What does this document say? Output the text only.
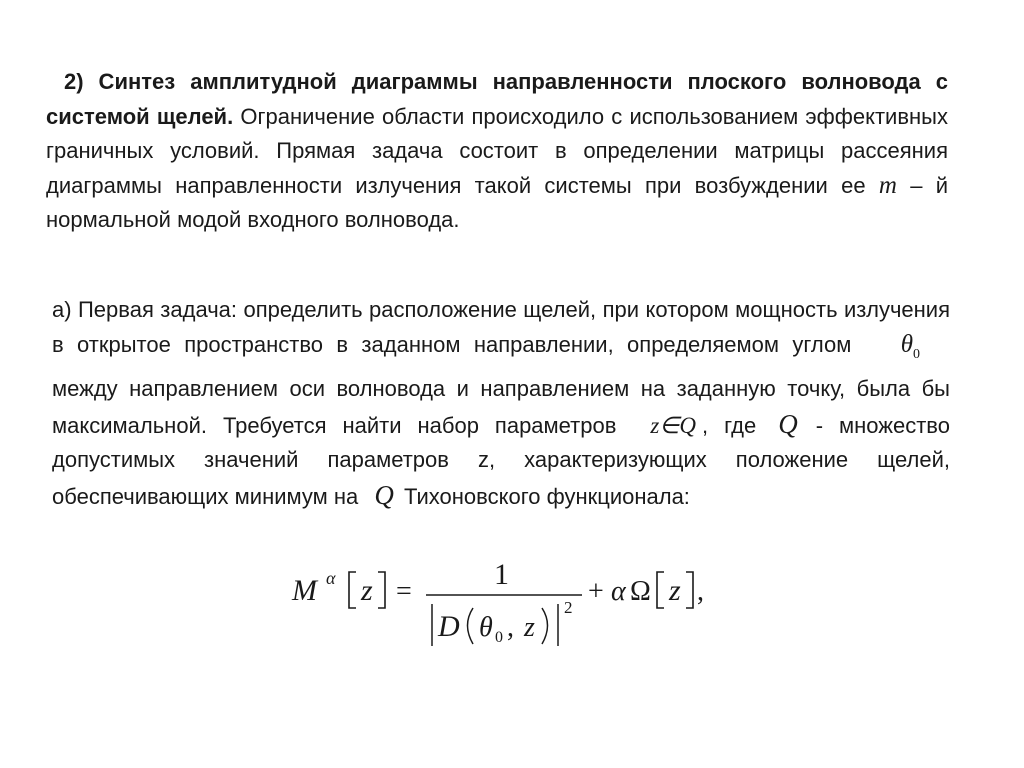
2) Синтез амплитудной диаграммы направленности плоского волновода с системой щелей. Ограничение области происходило с использованием эффективных граничных условий. Прямая задача состоит в определении матрицы рассеяния диаграммы направленности излучения такой системы при возбуждении ее m – й нормальной модой входного волновода.

а) Первая задача: определить расположение щелей, при котором мощность излучения в открытое пространство в заданном направлении, определяемом углом $\theta_0$ между направлением оси волновода и направлением на заданную точку, была бы максимальной. Требуется найти набор параметров z∈Q , где Q - множество допустимых значений параметров z, характеризующих положение щелей, обеспечивающих минимум на Q Тихоновского функционала:

M α z =
1
D θ 0 , z
2
+ α Ω z ,
